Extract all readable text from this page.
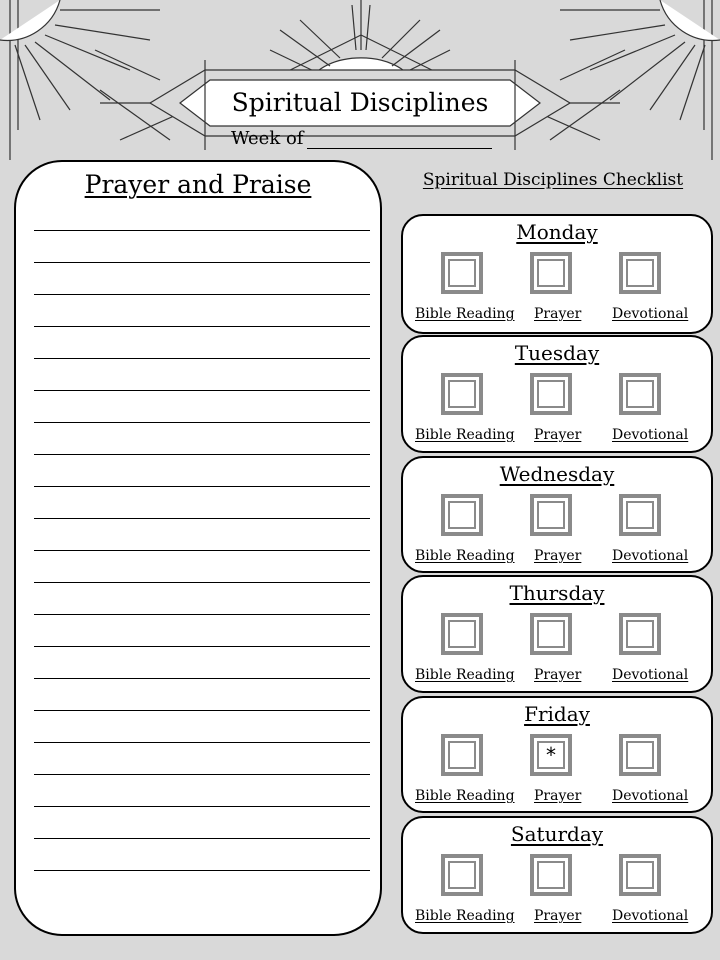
Spiritual Disciplines
Week of
Prayer and Praise	Spiritual Disciplines Checklist
Monday
Bible Reading Prayer Devotional
Tuesday
Bible Reading Prayer Devotional
Wednesday
Bible Reading Prayer Devotional
Thursday
Bible Reading Prayer Devotional
Friday
Bible Reading
*
Prayer Devotional
Saturday
Bible Reading Prayer Devotional
